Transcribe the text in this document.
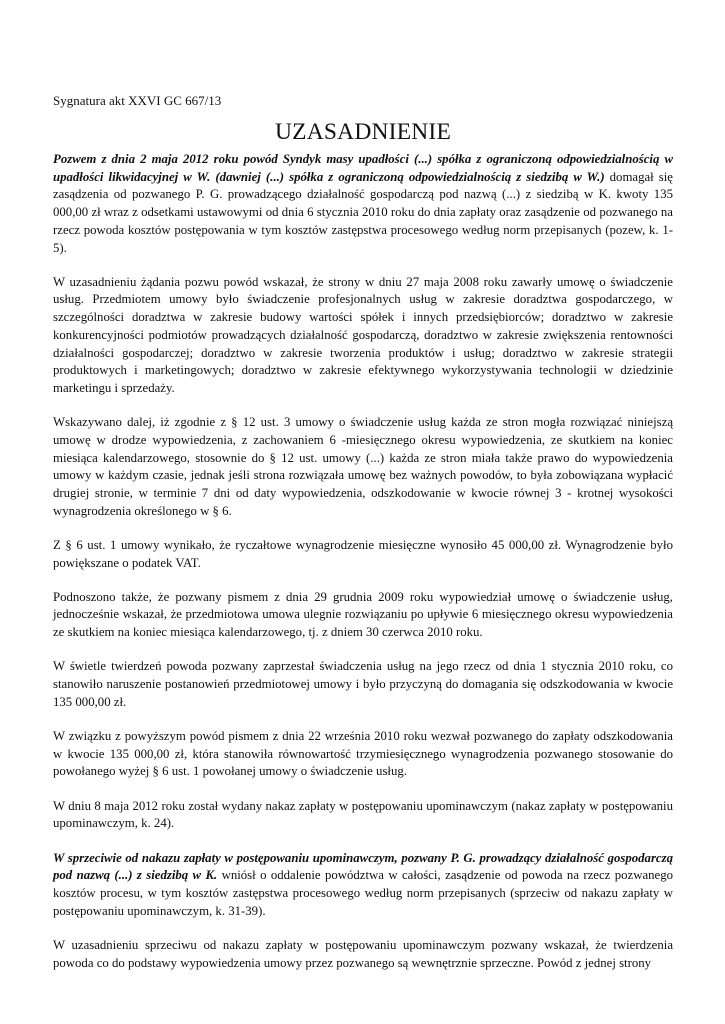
Sygnatura akt XXVI GC 667/13
UZASADNIENIE

Pozwem z dnia 2 maja 2012 roku powód Syndyk masy upadłości (...) spółka z ograniczoną odpowiedzialnością w upadłości likwidacyjnej w W. (dawniej (...) spółka z ograniczoną odpowiedzialnością z siedzibą w W.) domagał się zasądzenia od pozwanego P. G. prowadzącego działalność gospodarczą pod nazwą (...) z siedzibą w K. kwoty 135 000,00 zł wraz z odsetkami ustawowymi od dnia 6 stycznia 2010 roku do dnia zapłaty oraz zasądzenie od pozwanego na rzecz powoda kosztów postępowania w tym kosztów zastępstwa procesowego według norm przepisanych (pozew, k. 1-5).

W uzasadnieniu żądania pozwu powód wskazał, że strony w dniu 27 maja 2008 roku zawarły umowę o świadczenie usług. Przedmiotem umowy było świadczenie profesjonalnych usług w zakresie doradztwa gospodarczego, w szczególności doradztwa w zakresie budowy wartości spółek i innych przedsiębiorców; doradztwo w zakresie konkurencyjności podmiotów prowadzących działalność gospodarczą, doradztwo w zakresie zwiększenia rentowności działalności gospodarczej; doradztwo w zakresie tworzenia produktów i usług; doradztwo w zakresie strategii produktowych i marketingowych; doradztwo w zakresie efektywnego wykorzystywania technologii w dziedzinie marketingu i sprzedaży.

Wskazywano dalej, iż zgodnie z § 12 ust. 3 umowy o świadczenie usług każda ze stron mogła rozwiązać niniejszą umowę w drodze wypowiedzenia, z zachowaniem 6 -miesięcznego okresu wypowiedzenia, ze skutkiem na koniec miesiąca kalendarzowego, stosownie do § 12 ust. umowy (...) każda ze stron miała także prawo do wypowiedzenia umowy w każdym czasie, jednak jeśli strona rozwiązała umowę bez ważnych powodów, to była zobowiązana wypłacić drugiej stronie, w terminie 7 dni od daty wypowiedzenia, odszkodowanie w kwocie równej 3 - krotnej wysokości wynagrodzenia określonego w § 6.

Z § 6 ust. 1 umowy wynikało, że ryczałtowe wynagrodzenie miesięczne wynosiło 45 000,00 zł. Wynagrodzenie było powiększane o podatek VAT.

Podnoszono także, że pozwany pismem z dnia 29 grudnia 2009 roku wypowiedział umowę o świadczenie usług, jednocześnie wskazał, że przedmiotowa umowa ulegnie rozwiązaniu po upływie 6 miesięcznego okresu wypowiedzenia ze skutkiem na koniec miesiąca kalendarzowego, tj. z dniem 30 czerwca 2010 roku.

W świetle twierdzeń powoda pozwany zaprzestał świadczenia usług na jego rzecz od dnia 1 stycznia 2010 roku, co stanowiło naruszenie postanowień przedmiotowej umowy i było przyczyną do domagania się odszkodowania w kwocie 135 000,00 zł.

W związku z powyższym powód pismem z dnia 22 września 2010 roku wezwał pozwanego do zapłaty odszkodowania w kwocie 135 000,00 zł, która stanowiła równowartość trzymiesięcznego wynagrodzenia pozwanego stosowanie do powołanego wyżej § 6 ust. 1 powołanej umowy o świadczenie usług.

W dniu 8 maja 2012 roku został wydany nakaz zapłaty w postępowaniu upominawczym (nakaz zapłaty w postępowaniu upominawczym, k. 24).

W sprzeciwie od nakazu zapłaty w postępowaniu upominawczym, pozwany P. G. prowadzący działalność gospodarczą pod nazwą (...) z siedzibą w K. wniósł o oddalenie powództwa w całości, zasądzenie od powoda na rzecz pozwanego kosztów procesu, w tym kosztów zastępstwa procesowego według norm przepisanych (sprzeciw od nakazu zapłaty w postępowaniu upominawczym, k. 31-39).

W uzasadnieniu sprzeciwu od nakazu zapłaty w postępowaniu upominawczym pozwany wskazał, że twierdzenia powoda co do podstawy wypowiedzenia umowy przez pozwanego są wewnętrznie sprzeczne. Powód z jednej strony
